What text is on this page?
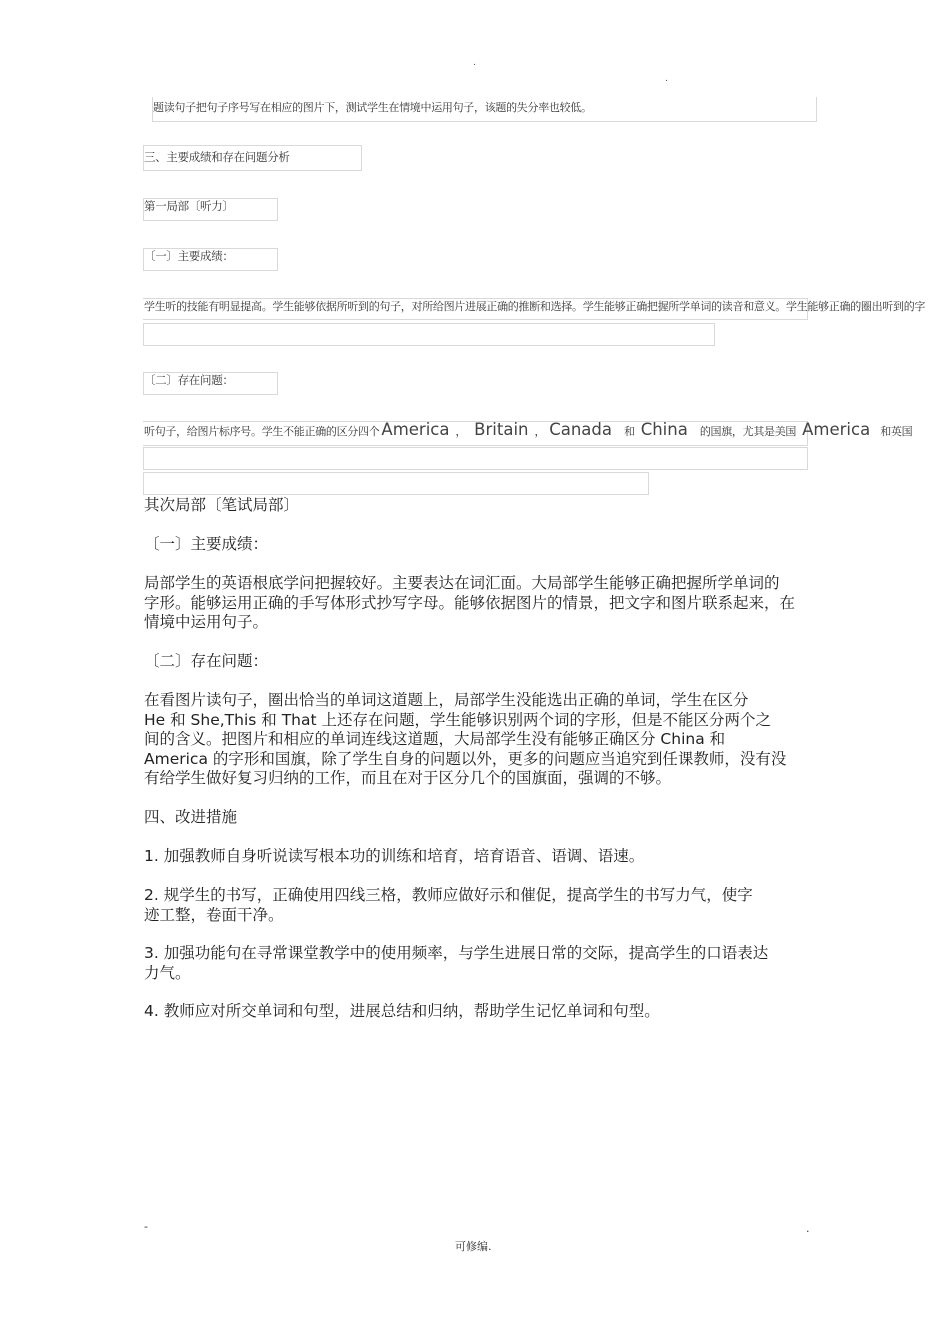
.
.
题读句子把句子序号写在相应的图片下，测试学生在情境中运用句子，该题的失分率也较低。
三、主要成绩和存在问题分析
第一局部〔听力〕
〔一〕主要成绩：
学生听的技能有明显提高。学生能够依据所听到的句子，对所给图片进展正确的推断和选择。学生能够正确把握所学单词的读音和意义。学生能够正确的圈出听到的字
〔二〕存在问题：
听句子，给图片标序号。学生不能正确的区分四个 America ， Britain ， Canada 和 China 的国旗，尤其是美国 America 和英国
其次局部〔笔试局部〕
〔一〕主要成绩：
局部学生的英语根底学问把握较好。主要表达在词汇面。大局部学生能够正确把握所学单词的
字形。能够运用正确的手写体形式抄写字母。能够依据图片的情景，把文字和图片联系起来，在
情境中运用句子。
〔二〕存在问题：
在看图片读句子，圈出恰当的单词这道题上，局部学生没能选出正确的单词，学生在区分
He 和 She,This 和 That 上还存在问题，学生能够识别两个词的字形，但是不能区分两个之
间的含义。把图片和相应的单词连线这道题，大局部学生没有能够正确区分 China 和
America 的字形和国旗，除了学生自身的问题以外，更多的问题应当追究到任课教师，没有没
有给学生做好复习归纳的工作，而且在对于区分几个的国旗面，强调的不够。
四、改进措施
1. 加强教师自身听说读写根本功的训练和培育，培育语音、语调、语速。
2. 规学生的书写，正确使用四线三格，教师应做好示和催促，提高学生的书写力气，使字
迹工整，卷面干净。
3. 加强功能句在寻常课堂教学中的使用频率，与学生进展日常的交际，提高学生的口语表达
力气。
4. 教师应对所交单词和句型，进展总结和归纳，帮助学生记忆单词和句型。
-	.
可修编.
